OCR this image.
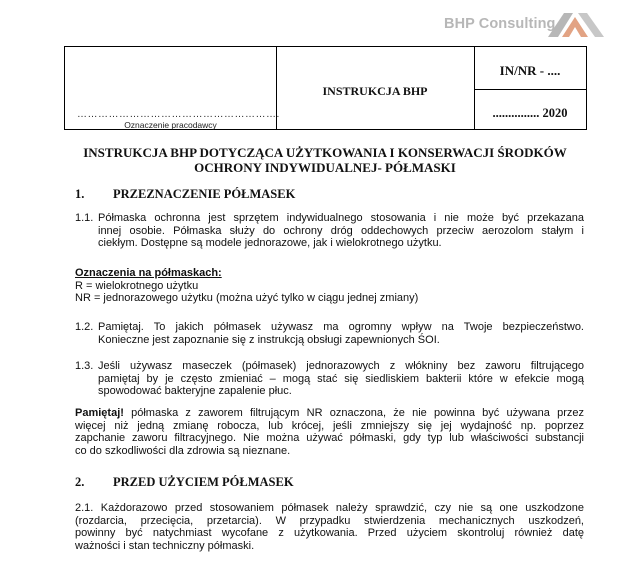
BHP Consulting
………………………………………………….
Oznaczenie pracodawcy
INSTRUKCJA BHP
IN/NR - ....
............... 2020
INSTRUKCJA BHP DOTYCZĄCA UŻYTKOWANIA I KONSERWACJI ŚRODKÓW
OCHRONY INDYWIDUALNEJ- PÓŁMASKI
1. PRZEZNACZENIE PÓŁMASEK
1.1. Półmaska ochronna jest sprzętem indywidualnego stosowania i nie może być przekazana
innej osobie. Półmaska służy do ochrony dróg oddechowych przeciw aerozolom stałym i
ciekłym. Dostępne są modele jednorazowe, jak i wielokrotnego użytku.
Oznaczenia na półmaskach:
R = wielokrotnego użytku
NR = jednorazowego użytku (można użyć tylko w ciągu jednej zmiany)
1.2. Pamiętaj. To jakich półmasek używasz ma ogromny wpływ na Twoje bezpieczeństwo.
Konieczne jest zapoznanie się z instrukcją obsługi zapewnionych ŚOI.
1.3. Jeśli używasz maseczek (półmasek) jednorazowych z włókniny bez zaworu filtrującego
pamiętaj by je często zmieniać – mogą stać się siedliskiem bakterii które w efekcie mogą
spowodować bakteryjne zapalenie płuc.
Pamiętaj! półmaska z zaworem filtrującym NR oznaczona, że nie powinna być używana przez
więcej niż jedną zmianę robocza, lub krócej, jeśli zmniejszy się jej wydajność np. poprzez
zapchanie zaworu filtracyjnego. Nie można używać półmaski, gdy typ lub właściwości substancji
co do szkodliwości dla zdrowia są nieznane.
2. PRZED UŻYCIEM PÓŁMASEK
2.1. Każdorazowo przed stosowaniem półmasek należy sprawdzić, czy nie są one uszkodzone
(rozdarcia, przecięcia, przetarcia). W przypadku stwierdzenia mechanicznych uszkodzeń,
powinny być natychmiast wycofane z użytkowania. Przed użyciem skontroluj również datę
ważności i stan techniczny półmaski.
